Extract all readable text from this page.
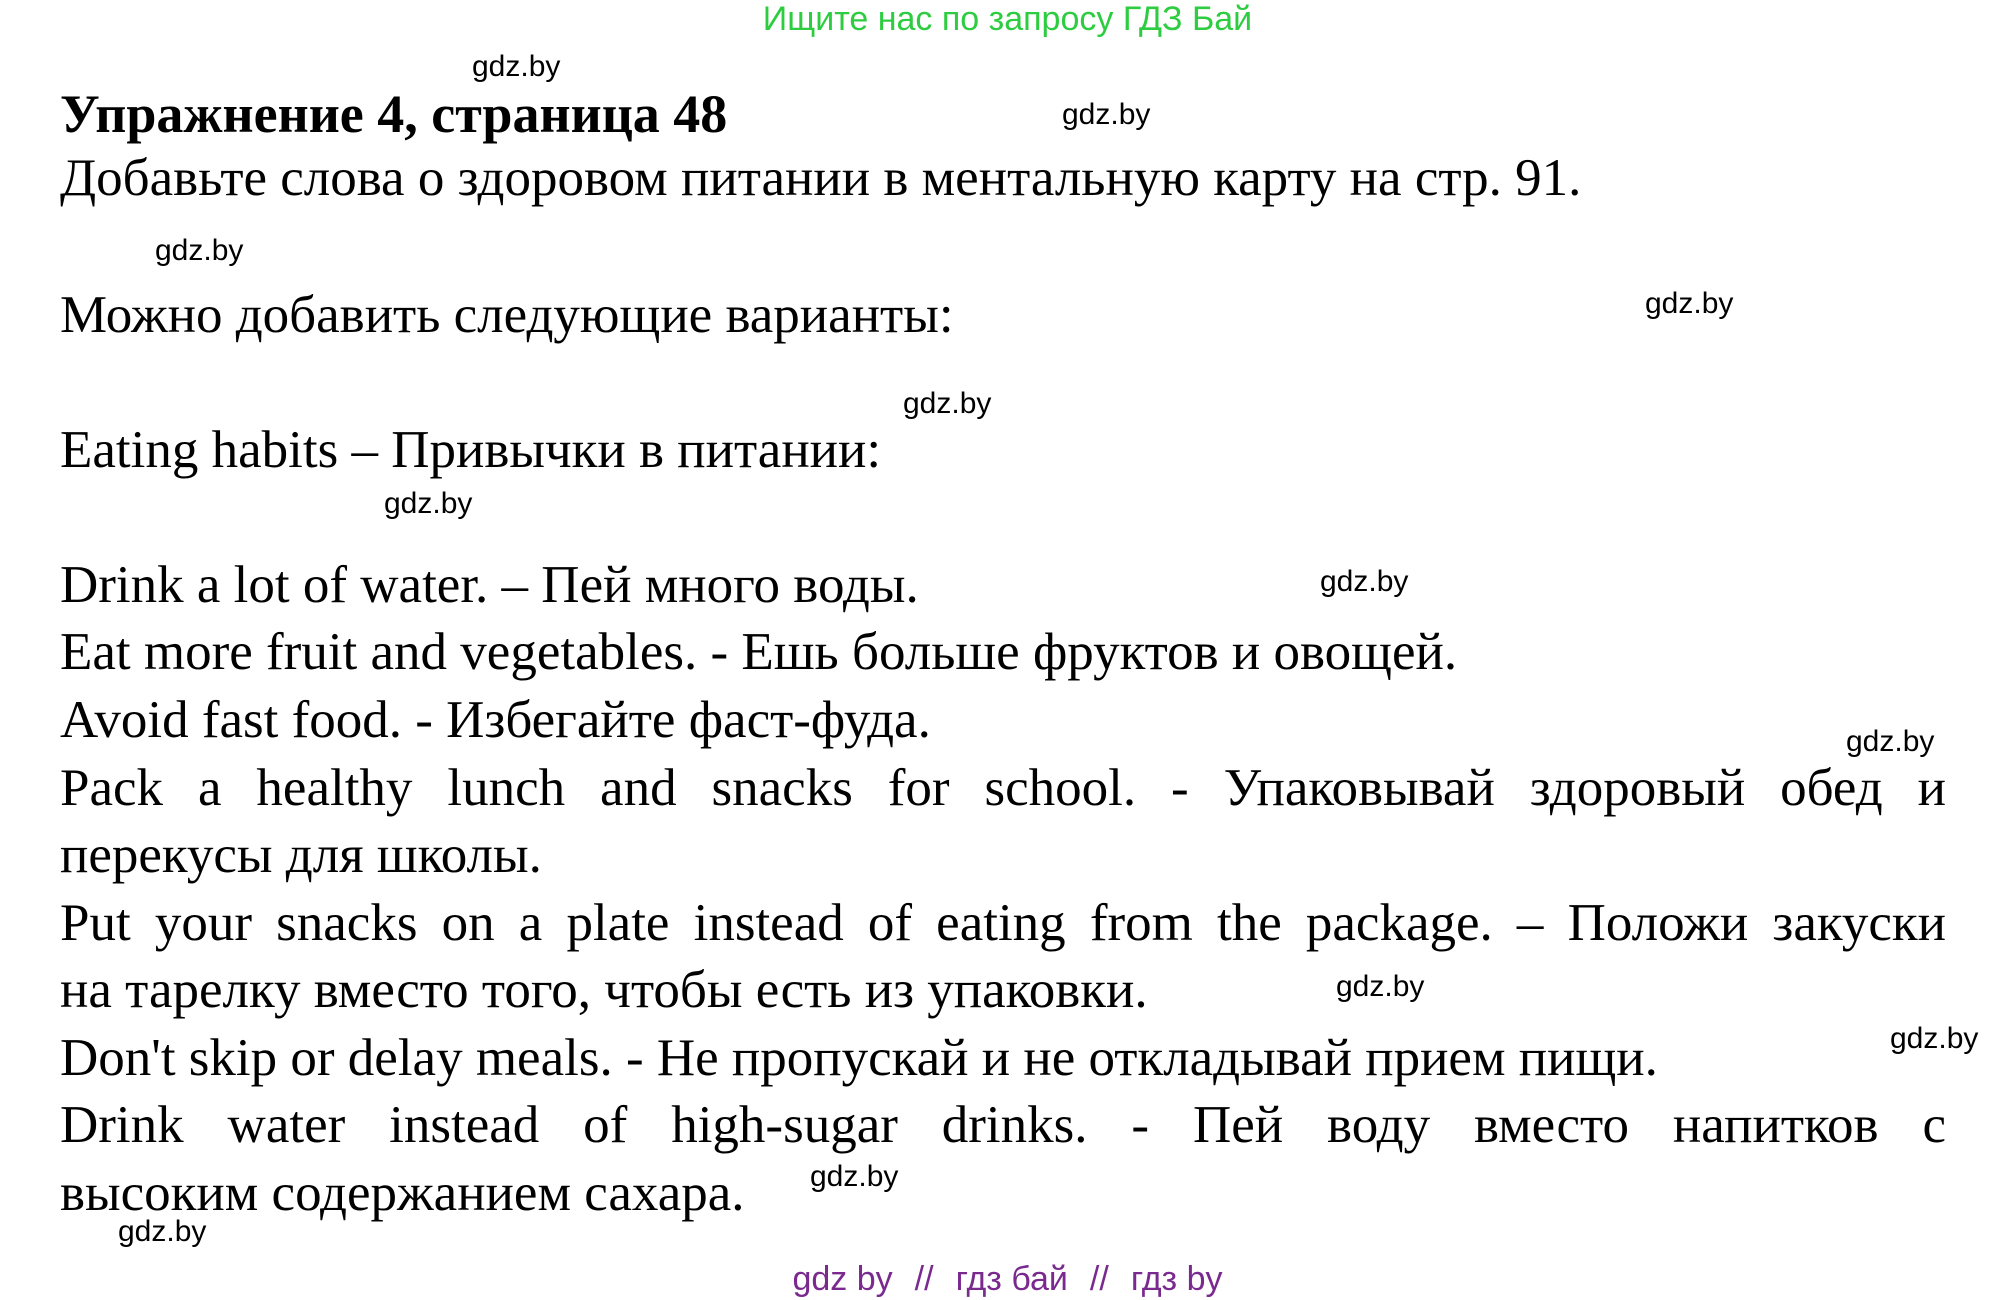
Ищите нас по запросу ГДЗ Бай
Упражнение 4, страница 48
Добавьте слова о здоровом питании в ментальную карту на стр. 91.
Можно добавить следующие варианты:
Eating habits – Привычки в питании:
Drink a lot of water. – Пей много воды.
Eat more fruit and vegetables. - Ешь больше фруктов и овощей.
Avoid fast food. - Избегайте фаст-фуда.
Pack a healthy lunch and snacks for school. - Упаковывай здоровый обед и
перекусы для школы.
Put your snacks on a plate instead of eating from the package. – Положи закуски
на тарелку вместо того, чтобы есть из упаковки.
Don't skip or delay meals. - Не пропускай и не откладывай прием пищи.
Drink water instead of high-sugar drinks. - Пей воду вместо напитков с
высоким содержанием сахара.
gdz.by
gdz.by
gdz.by
gdz.by
gdz.by
gdz.by
gdz.by
gdz.by
gdz.by
gdz.by
gdz.by
gdz.by
gdz by // гдз бай // гдз by
